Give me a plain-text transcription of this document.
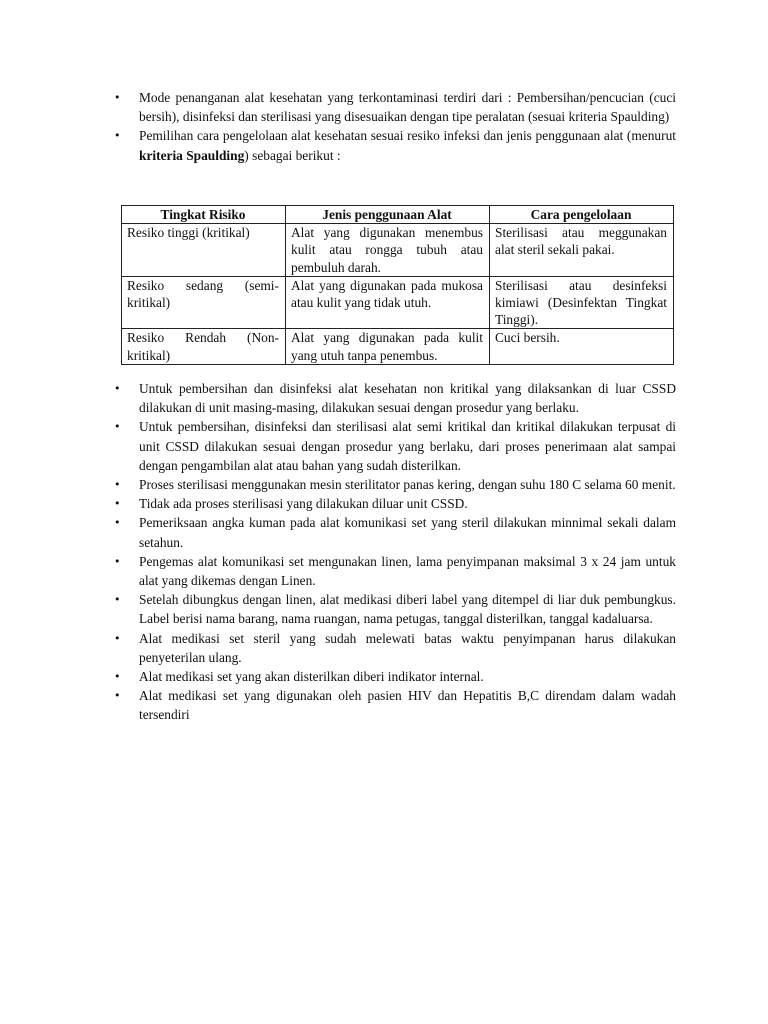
• Mode penanganan alat kesehatan yang terkontaminasi terdiri dari : Pembersihan/pencucian (cuci bersih), disinfeksi dan sterilisasi yang disesuaikan dengan tipe peralatan (sesuai kriteria Spaulding)
• Pemilihan cara pengelolaan alat kesehatan sesuai resiko infeksi dan jenis penggunaan alat (menurut kriteria Spaulding) sebagai berikut :
Tingkat Risiko	Jenis penggunaan Alat	Cara pengelolaan
Resiko tinggi (kritikal)	Alat yang digunakan menembus kulit atau rongga tubuh atau pembuluh darah.	Sterilisasi atau meggunakan alat steril sekali pakai.
Resiko sedang (semi-kritikal)	Alat yang digunakan pada mukosa atau kulit yang tidak utuh.	Sterilisasi atau desinfeksi kimiawi (Desinfektan Tingkat Tinggi).
Resiko Rendah (Non-kritikal)	Alat yang digunakan pada kulit yang utuh tanpa penembus.	Cuci bersih.
• Untuk pembersihan dan disinfeksi alat kesehatan non kritikal yang dilaksankan di luar CSSD dilakukan di unit masing-masing, dilakukan sesuai dengan prosedur yang berlaku.
• Untuk pembersihan, disinfeksi dan sterilisasi alat semi kritikal dan kritikal dilakukan terpusat di unit CSSD dilakukan sesuai dengan prosedur yang berlaku, dari proses penerimaan alat sampai dengan pengambilan alat atau bahan yang sudah disterilkan.
• Proses sterilisasi menggunakan mesin sterilitator panas kering, dengan suhu 180 C selama 60 menit.
• Tidak ada proses sterilisasi yang dilakukan diluar unit CSSD.
• Pemeriksaan angka kuman pada alat komunikasi set yang steril dilakukan minnimal sekali dalam setahun.
• Pengemas alat komunikasi set mengunakan linen, lama penyimpanan maksimal 3 x 24 jam untuk alat yang dikemas dengan Linen.
• Setelah dibungkus dengan linen, alat medikasi diberi label yang ditempel di liar duk pembungkus. Label berisi nama barang, nama ruangan, nama petugas, tanggal disterilkan, tanggal kadaluarsa.
• Alat medikasi set steril yang sudah melewati batas waktu penyimpanan harus dilakukan penyeterilan ulang.
• Alat medikasi set yang akan disterilkan diberi indikator internal.
• Alat medikasi set yang digunakan oleh pasien HIV dan Hepatitis B,C direndam dalam wadah tersendiri
